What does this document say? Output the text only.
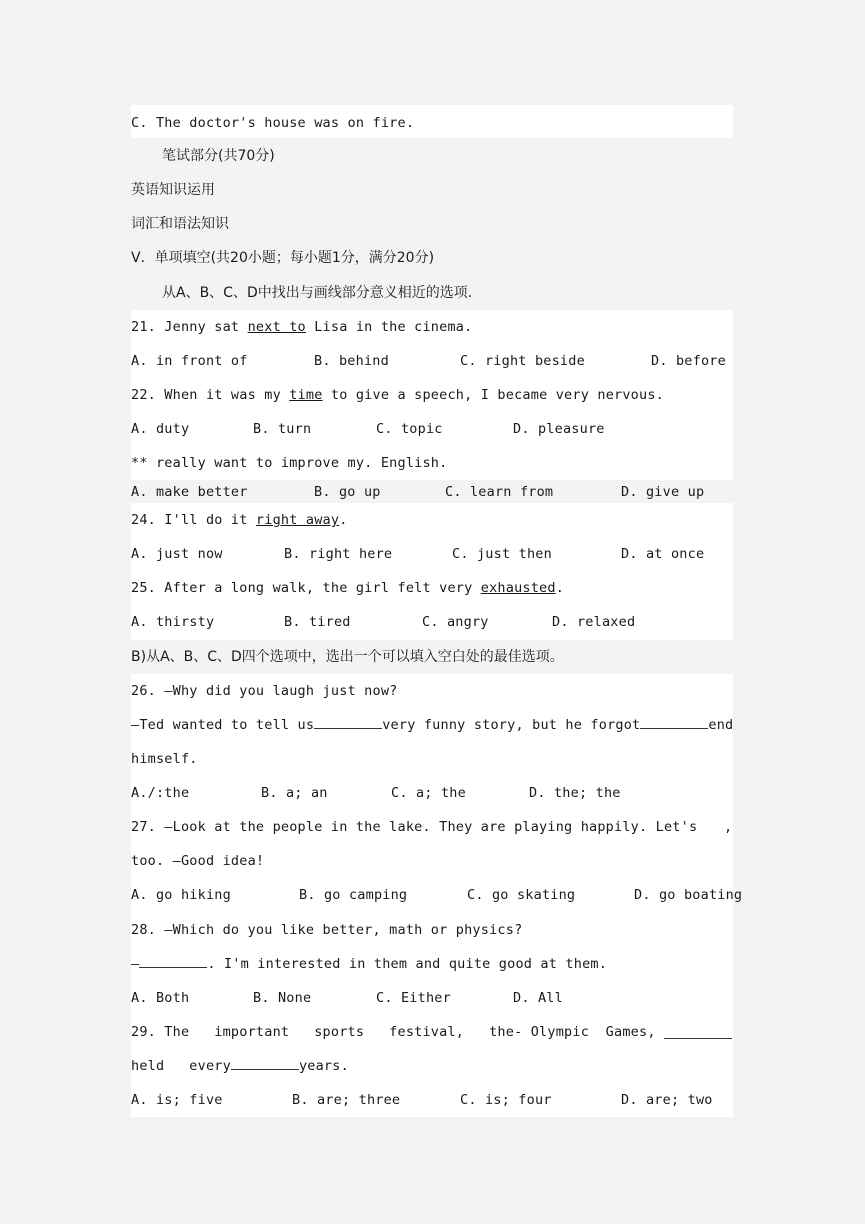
C. The doctor's house was on fire.
笔试部分(共70分)
英语知识运用
词汇和语法知识
V．单项填空(共20小题；每小题1分，满分20分)
从A、B、C、D中找出与画线部分意义相近的选项.
21. Jenny sat next to Lisa in the cinema.
A. in front of	B. behind	C. right beside	D. before
22. When it was my time to give a speech, I became very nervous.
A. duty	B. turn	C. topic	D. pleasure
** really want to improve my. English.
A. make better	B. go up	C. learn from	D. give up
24. I'll do it right away.
A. just now	B. right here	C. just then	D. at once
25. After a long walk, the girl felt very exhausted.
A. thirsty	B. tired	C. angry	D. relaxed
B)从A、B、C、D四个选项中，选出一个可以填入空白处的最佳选项。
26. —Why did you laugh just now?
—Ted wanted to tell us	very funny story, but he forgot	end
himself.
A./:the	B. a; an	C. a; the	D. the; the
27. —Look at the people in the lake. They are playing happily. Let's ,
too. —Good idea!
A. go hiking	B. go camping	C. go skating	D. go boating
28. —Which do you like better, math or physics?
—	. I'm interested in them and quite good at them.
A. Both	B. None	C. Either	D. All
29. The   important   sports   festival,   the- Olympic  Games,
held   every	years.
A. is; five	B. are; three	C. is; four	D. are; two
